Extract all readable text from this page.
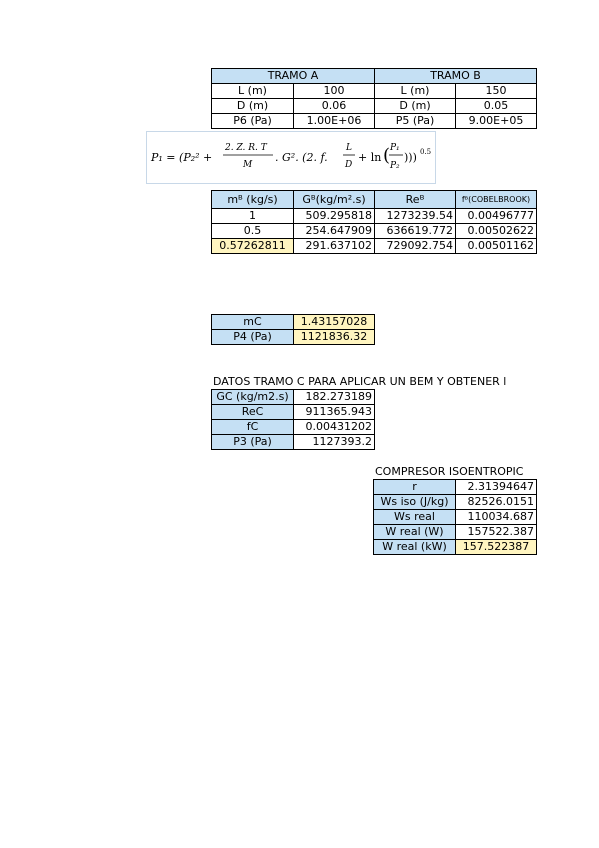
TRAMO A		TRAMO B	
L (m)	100	L (m)	150
D (m)	0.06	D (m)	0.05
P6 (Pa)	1.00E+06	P5 (Pa)	9.00E+05
P₁ = (P₂² +
2. Z. R. T
M
. G². (2. f.
L
D
+ ln ( P₁
P₂
))) 0.5
mᴮ (kg/s)	Gᴮ(kg/m².s)	Reᴮ	fᴮ(COBELBROOK)
1	509.295818	1273239.54	0.00496777
0.5	254.647909	636619.772	0.00502622
0.57262811	291.637102	729092.754	0.00501162
mC	1.43157028
P4 (Pa)	1121836.32
DATOS TRAMO C PARA APLICAR UN BEM Y OBTENER l
GC (kg/m2.s)	182.273189
ReC	911365.943
fC	0.00431202
P3 (Pa)	1127393.2
COMPRESOR ISOENTROPIC
r	2.31394647
Ws iso (J/kg)	82526.0151
Ws real	110034.687
W real (W)	157522.387
W real (kW)	157.522387
